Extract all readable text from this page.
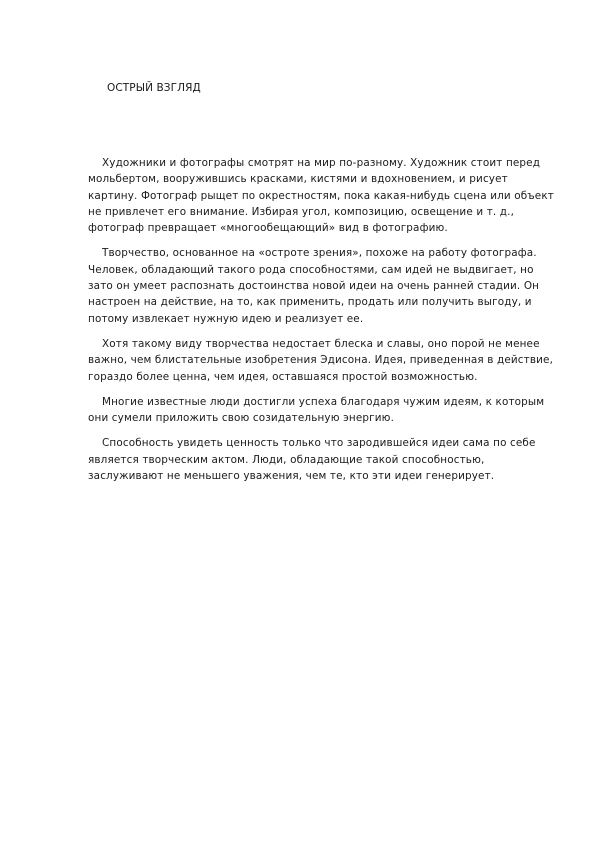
ОСТРЫЙ ВЗГЛЯД

Художники и фотографы смотрят на мир по-разному. Художник стоит перед мольбертом, вооружившись красками, кистями и вдохновением, и рисует картину. Фотограф рыщет по окрестностям, пока какая-нибудь сцена или объект не привлечет его внимание. Избирая угол, композицию, освещение и т. д., фотограф превращает «многообещающий» вид в фотографию.

Творчество, основанное на «остроте зрения», похоже на работу фотографа. Человек, обладающий такого рода способностями, сам идей не выдвигает, но зато он умеет распознать достоинства новой идеи на очень ранней стадии. Он настроен на действие, на то, как применить, продать или получить выгоду, и потому извлекает нужную идею и реализует ее.

Хотя такому виду творчества недостает блеска и славы, оно порой не менее важно, чем блистательные изобретения Эдисона. Идея, приведенная в действие, гораздо более ценна, чем идея, оставшаяся простой возможностью.

Многие известные люди достигли успеха благодаря чужим идеям, к которым они сумели приложить свою созидательную энергию.

Способность увидеть ценность только что зародившейся идеи сама по себе является творческим актом. Люди, обладающие такой способностью, заслуживают не меньшего уважения, чем те, кто эти идеи генерирует.
